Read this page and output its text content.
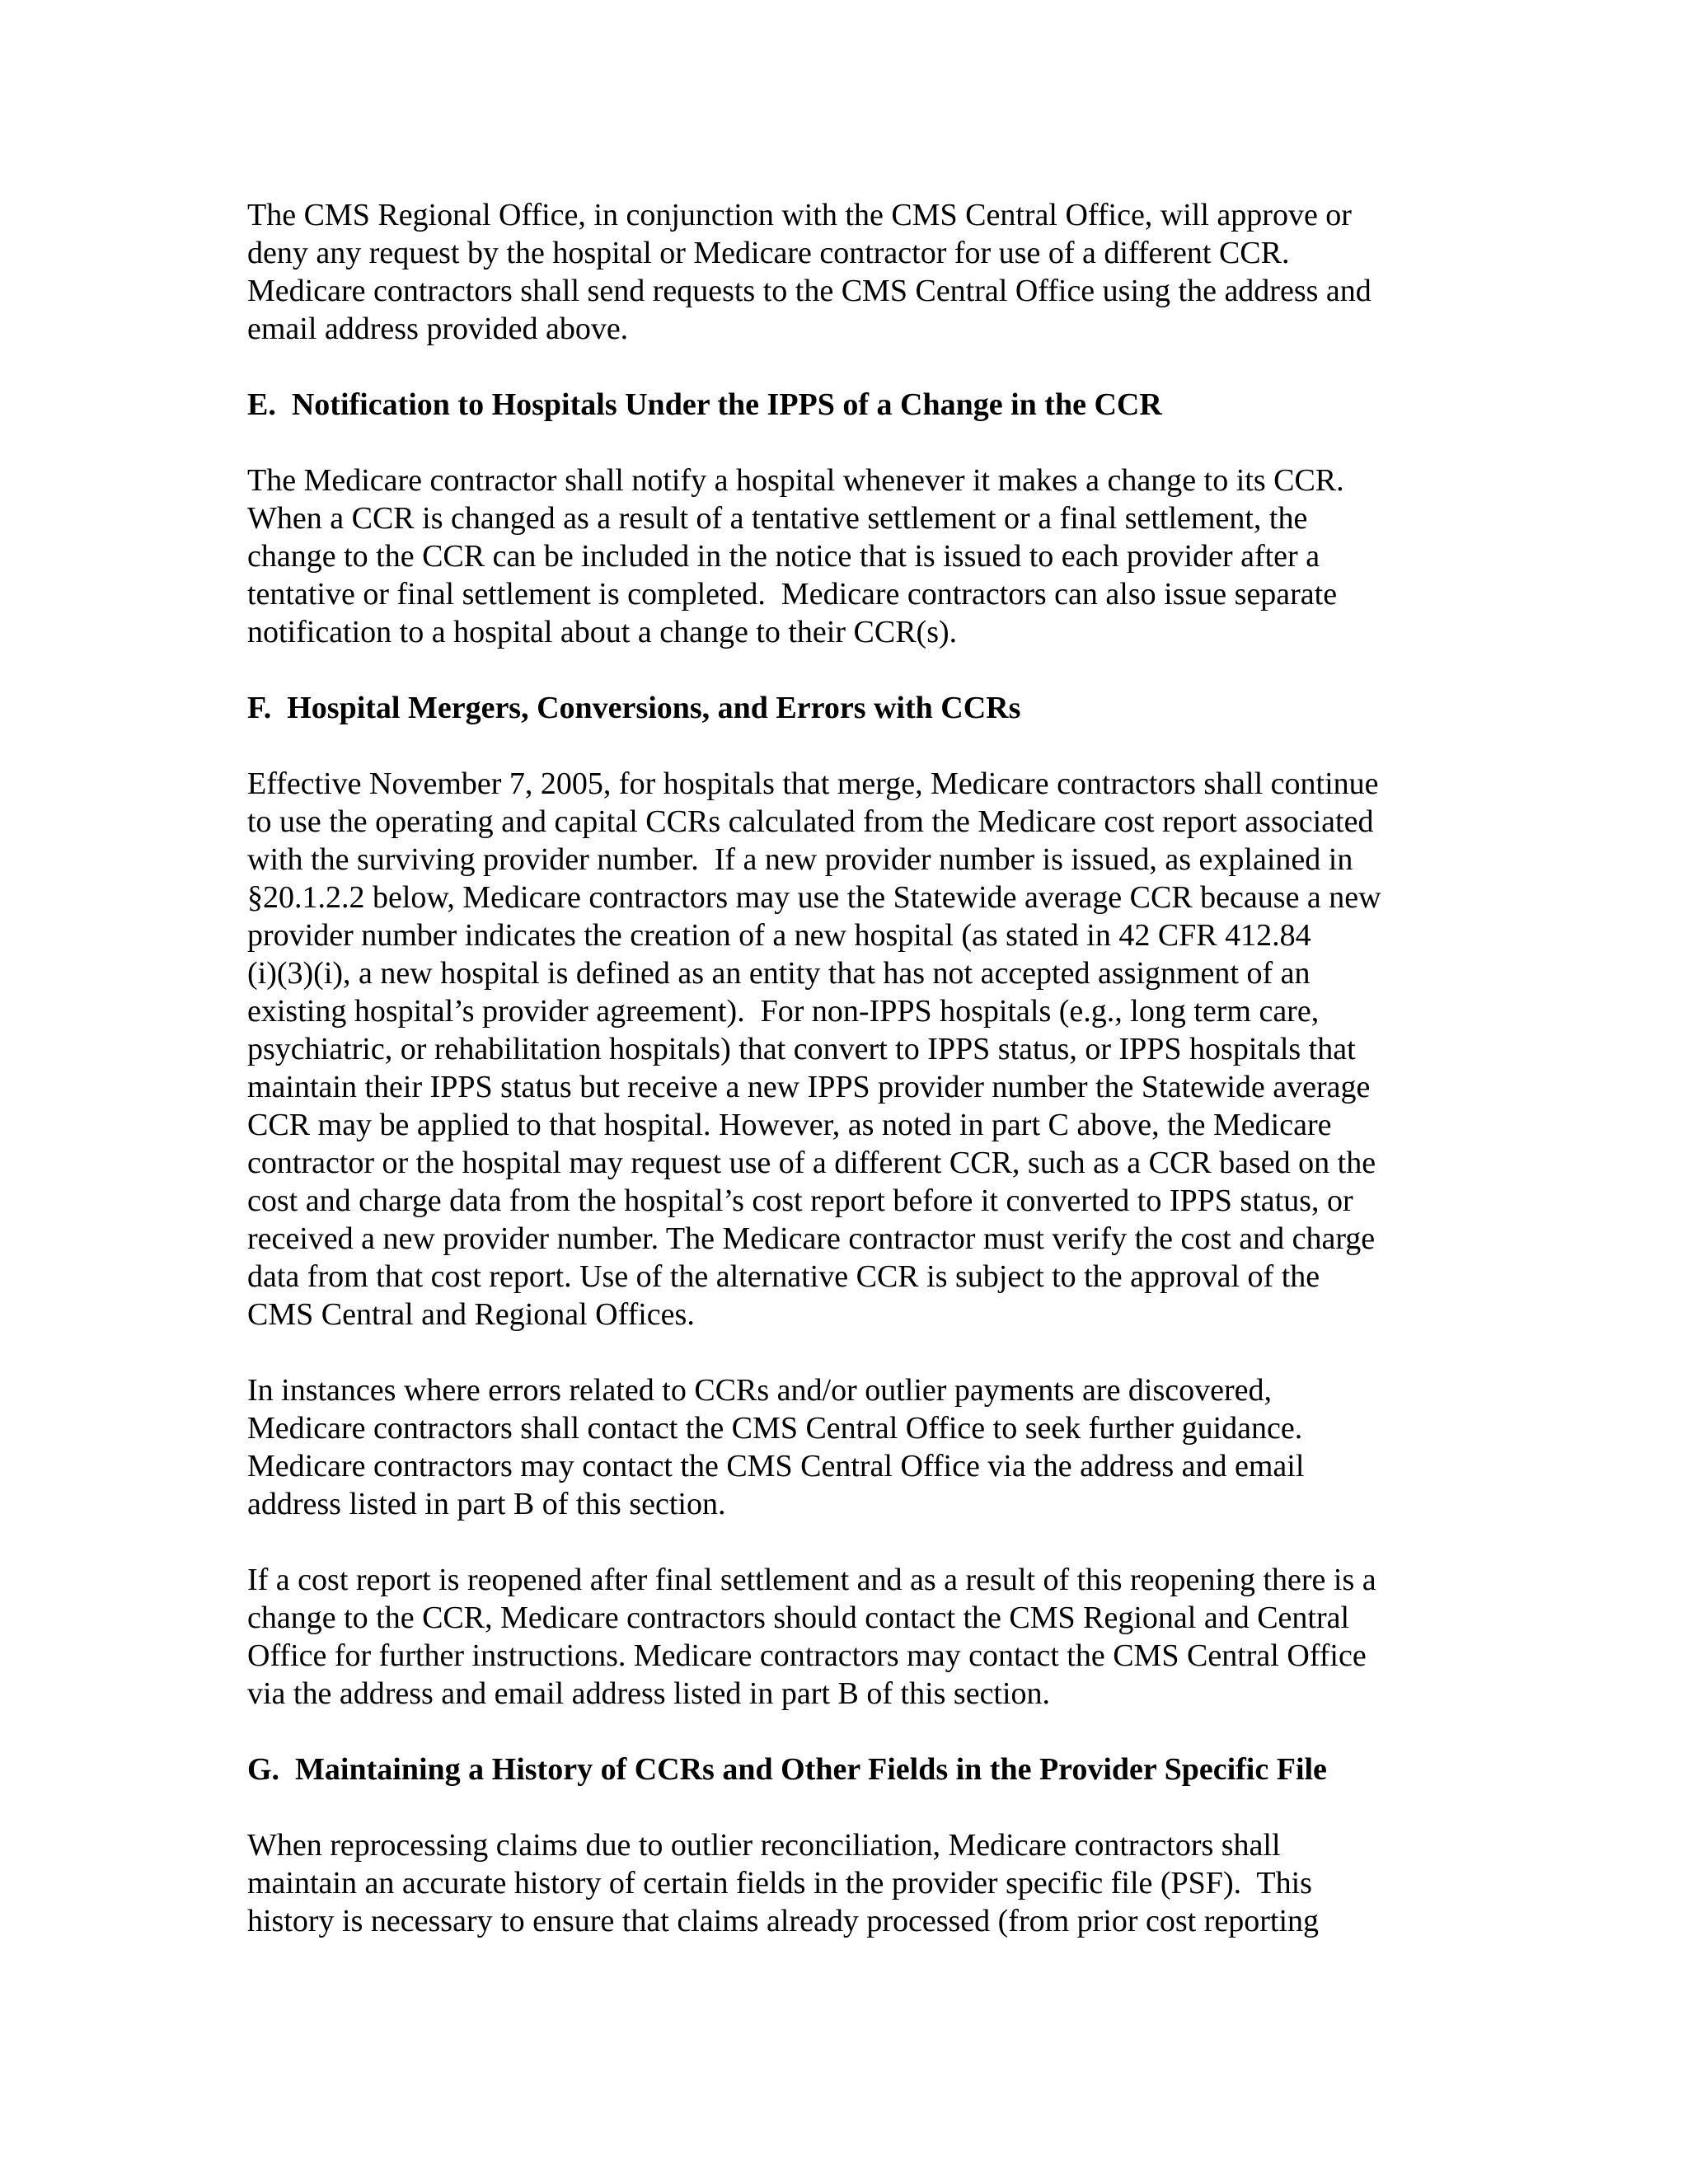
The CMS Regional Office, in conjunction with the CMS Central Office, will approve or
deny any request by the hospital or Medicare contractor for use of a different CCR.
Medicare contractors shall send requests to the CMS Central Office using the address and
email address provided above.
E.  Notification to Hospitals Under the IPPS of a Change in the CCR
The Medicare contractor shall notify a hospital whenever it makes a change to its CCR.
When a CCR is changed as a result of a tentative settlement or a final settlement, the
change to the CCR can be included in the notice that is issued to each provider after a
tentative or final settlement is completed.  Medicare contractors can also issue separate
notification to a hospital about a change to their CCR(s).
F.  Hospital Mergers, Conversions, and Errors with CCRs
Effective November 7, 2005, for hospitals that merge, Medicare contractors shall continue
to use the operating and capital CCRs calculated from the Medicare cost report associated
with the surviving provider number.  If a new provider number is issued, as explained in
§20.1.2.2 below, Medicare contractors may use the Statewide average CCR because a new
provider number indicates the creation of a new hospital (as stated in 42 CFR 412.84
(i)(3)(i), a new hospital is defined as an entity that has not accepted assignment of an
existing hospital’s provider agreement).  For non-IPPS hospitals (e.g., long term care,
psychiatric, or rehabilitation hospitals) that convert to IPPS status, or IPPS hospitals that
maintain their IPPS status but receive a new IPPS provider number the Statewide average
CCR may be applied to that hospital. However, as noted in part C above, the Medicare
contractor or the hospital may request use of a different CCR, such as a CCR based on the
cost and charge data from the hospital’s cost report before it converted to IPPS status, or
received a new provider number. The Medicare contractor must verify the cost and charge
data from that cost report. Use of the alternative CCR is subject to the approval of the
CMS Central and Regional Offices.
In instances where errors related to CCRs and/or outlier payments are discovered,
Medicare contractors shall contact the CMS Central Office to seek further guidance.
Medicare contractors may contact the CMS Central Office via the address and email
address listed in part B of this section.
If a cost report is reopened after final settlement and as a result of this reopening there is a
change to the CCR, Medicare contractors should contact the CMS Regional and Central
Office for further instructions. Medicare contractors may contact the CMS Central Office
via the address and email address listed in part B of this section.
G.  Maintaining a History of CCRs and Other Fields in the Provider Specific File
When reprocessing claims due to outlier reconciliation, Medicare contractors shall
maintain an accurate history of certain fields in the provider specific file (PSF).  This
history is necessary to ensure that claims already processed (from prior cost reporting
